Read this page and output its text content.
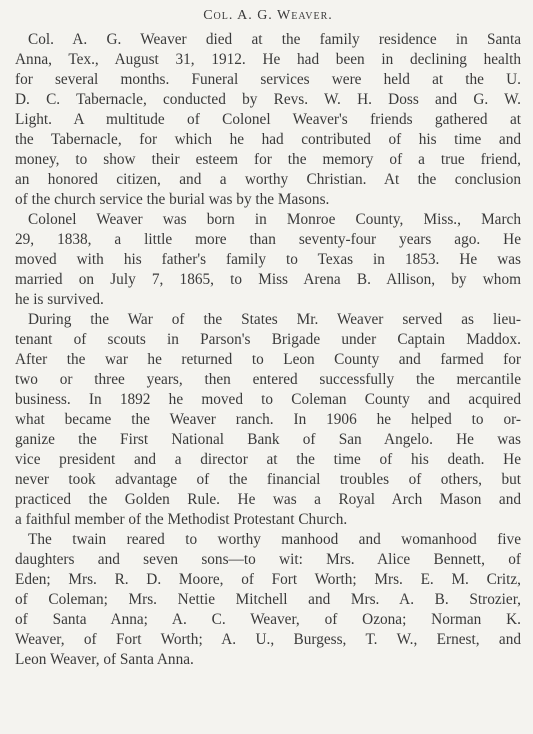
Col. A. G. Weaver.
Col. A. G. Weaver died at the family residence in Santa
Anna, Tex., August 31, 1912. He had been in declining health
for several months. Funeral services were held at the U.
D. C. Tabernacle, conducted by Revs. W. H. Doss and G. W.
Light. A multitude of Colonel Weaver's friends gathered at
the Tabernacle, for which he had contributed of his time and
money, to show their esteem for the memory of a true friend,
an honored citizen, and a worthy Christian. At the conclusion
of the church service the burial was by the Masons.
Colonel Weaver was born in Monroe County, Miss., March
29, 1838, a little more than seventy-four years ago. He
moved with his father's family to Texas in 1853. He was
married on July 7, 1865, to Miss Arena B. Allison, by whom
he is survived.
During the War of the States Mr. Weaver served as lieu-
tenant of scouts in Parson's Brigade under Captain Maddox.
After the war he returned to Leon County and farmed for
two or three years, then entered successfully the mercantile
business. In 1892 he moved to Coleman County and acquired
what became the Weaver ranch. In 1906 he helped to or-
ganize the First National Bank of San Angelo. He was
vice president and a director at the time of his death. He
never took advantage of the financial troubles of others, but
practiced the Golden Rule. He was a Royal Arch Mason and
a faithful member of the Methodist Protestant Church.
The twain reared to worthy manhood and womanhood five
daughters and seven sons—to wit: Mrs. Alice Bennett, of
Eden; Mrs. R. D. Moore, of Fort Worth; Mrs. E. M. Critz,
of Coleman; Mrs. Nettie Mitchell and Mrs. A. B. Strozier,
of Santa Anna; A. C. Weaver, of Ozona; Norman K.
Weaver, of Fort Worth; A. U., Burgess, T. W., Ernest, and
Leon Weaver, of Santa Anna.
